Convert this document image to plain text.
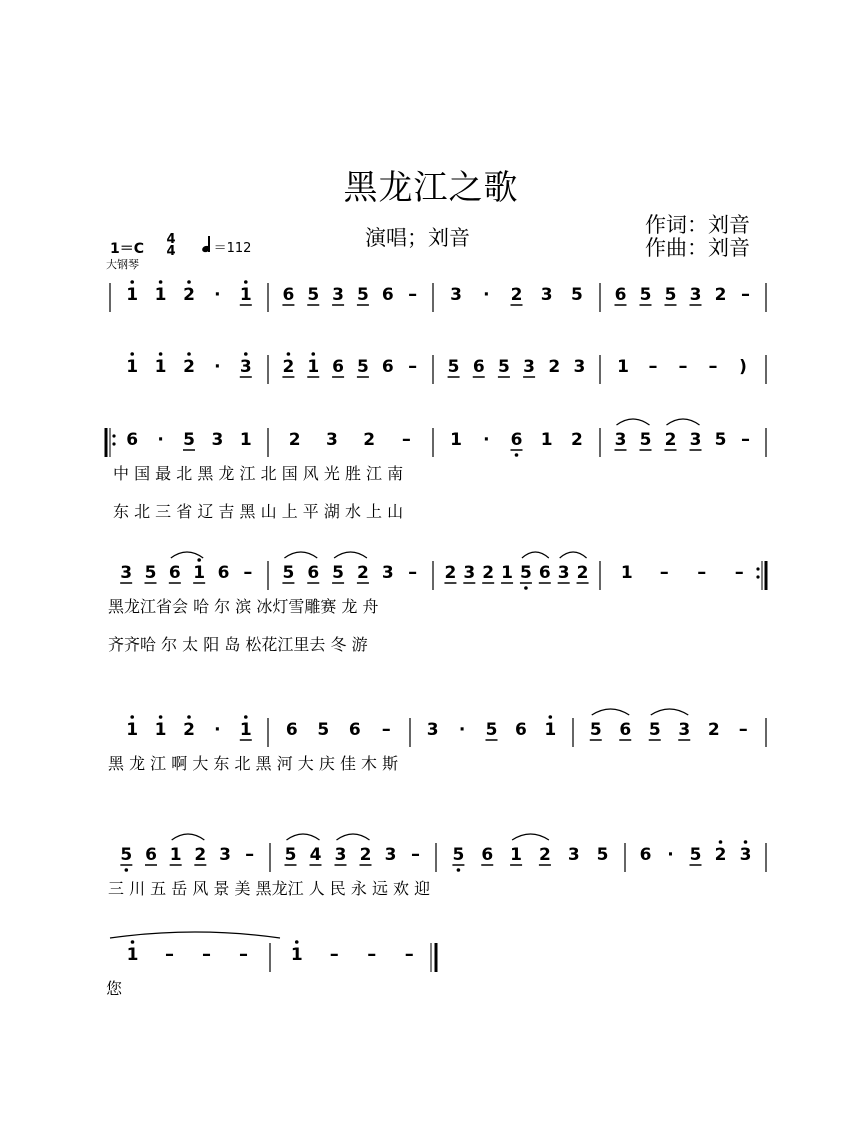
黑龙江之歌
演唱；刘音
作词：刘音
作曲：刘音
1＝C
大钢琴
4
4	＝112
1 1 2 · 1 6 5 3 5 6 – 3 · 2 3 5 6 5 5 3 2 –
1 1 2 · 3 2 1 6 5 6 – 5 6 5 3 2 3 1 – – – )
6 · 5 3 1 2 3 2 – 1 · 6 1 2 3 5 2 3 5 –
中 国 最 北 黑 龙 江 北 国 风 光 胜 江 南
东 北 三 省 辽 吉 黑 山 上 平 湖 水 上 山
3 5 6 1 6 – 5 6 5 2 3 – 2 3 2 1 5 6 3 2 1 – – –
黑龙江省会 哈 尔 滨 冰灯雪雕赛 龙 舟
齐齐哈 尔 太 阳 岛 松花江里去 冬 游
1 1 2 · 1 6 5 6 – 3 · 5 6 1 5 6 5 3 2 –
黑 龙 江 啊 大 东 北 黑 河 大 庆 佳 木 斯
5 6 1 2 3 – 5 4 3 2 3 – 5 6 1 2 3 5 6 · 5 2 3
三 川 五 岳 风 景 美 黑龙江 人 民 永 远 欢 迎
1 – – –	1 – – –
您
